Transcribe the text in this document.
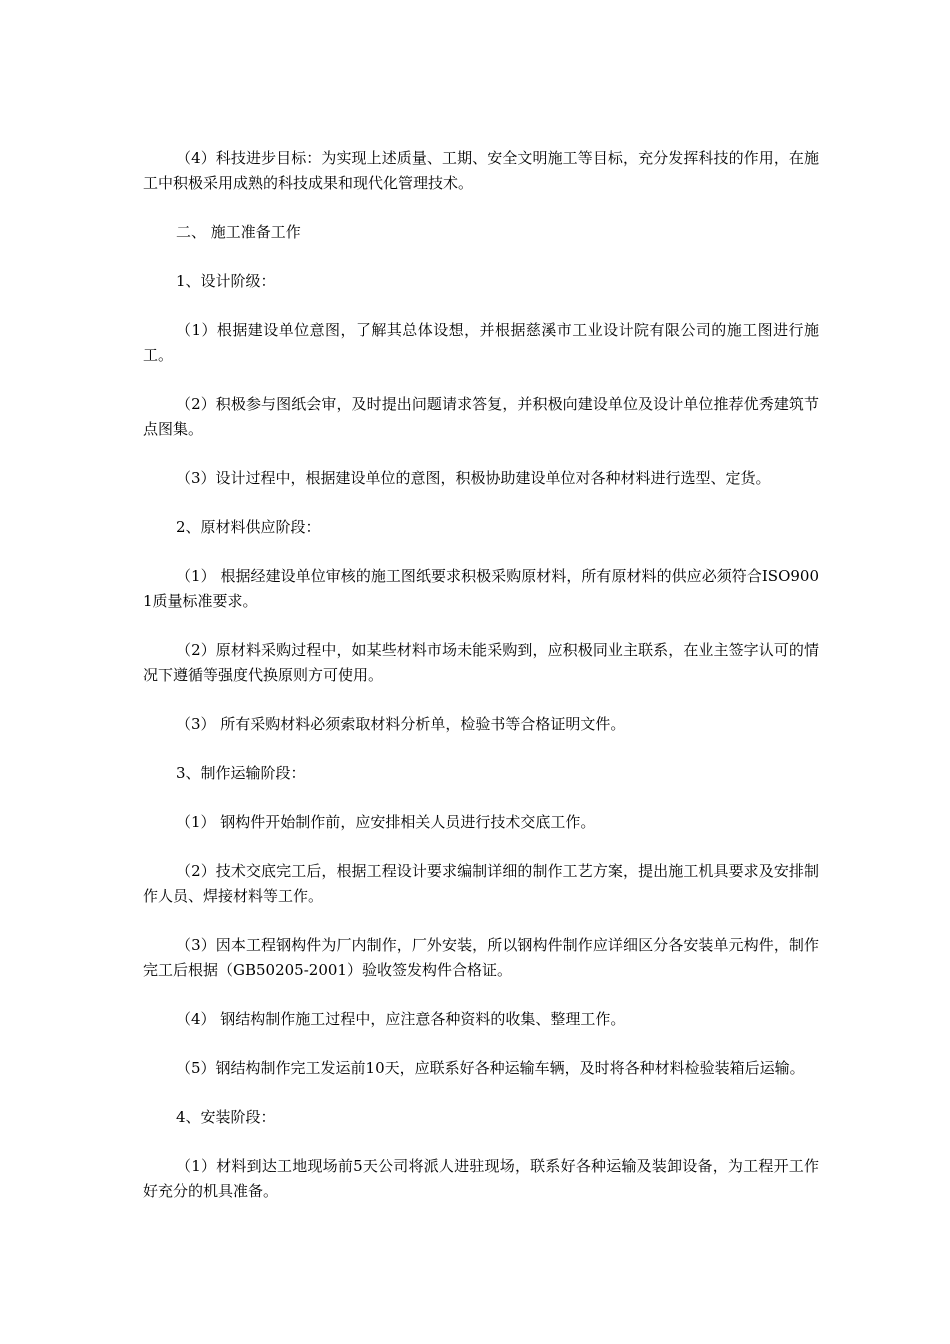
（4）科技进步目标：为实现上述质量、工期、安全文明施工等目标，充分发挥科技的作用，在施工中积极采用成熟的科技成果和现代化管理技术。

二、 施工准备工作

1、设计阶级：

（1）根据建设单位意图，了解其总体设想，并根据慈溪市工业设计院有限公司的施工图进行施工。

（2）积极参与图纸会审，及时提出问题请求答复，并积极向建设单位及设计单位推荐优秀建筑节点图集。

（3）设计过程中，根据建设单位的意图，积极协助建设单位对各种材料进行选型、定货。

2、原材料供应阶段：

（1） 根据经建设单位审核的施工图纸要求积极采购原材料，所有原材料的供应必须符合ISO9001质量标准要求。

（2）原材料采购过程中，如某些材料市场未能采购到，应积极同业主联系，在业主签字认可的情况下遵循等强度代换原则方可使用。

（3） 所有采购材料必须索取材料分析单，检验书等合格证明文件。

3、制作运输阶段：

（1） 钢构件开始制作前，应安排相关人员进行技术交底工作。

（2）技术交底完工后，根据工程设计要求编制详细的制作工艺方案，提出施工机具要求及安排制作人员、焊接材料等工作。

（3）因本工程钢构件为厂内制作，厂外安装，所以钢构件制作应详细区分各安装单元构件，制作完工后根据（GB50205-2001）验收签发构件合格证。

（4） 钢结构制作施工过程中，应注意各种资料的收集、整理工作。

（5）钢结构制作完工发运前10天，应联系好各种运输车辆，及时将各种材料检验装箱后运输。

4、安装阶段：

（1）材料到达工地现场前5天公司将派人进驻现场，联系好各种运输及装卸设备，为工程开工作好充分的机具准备。
